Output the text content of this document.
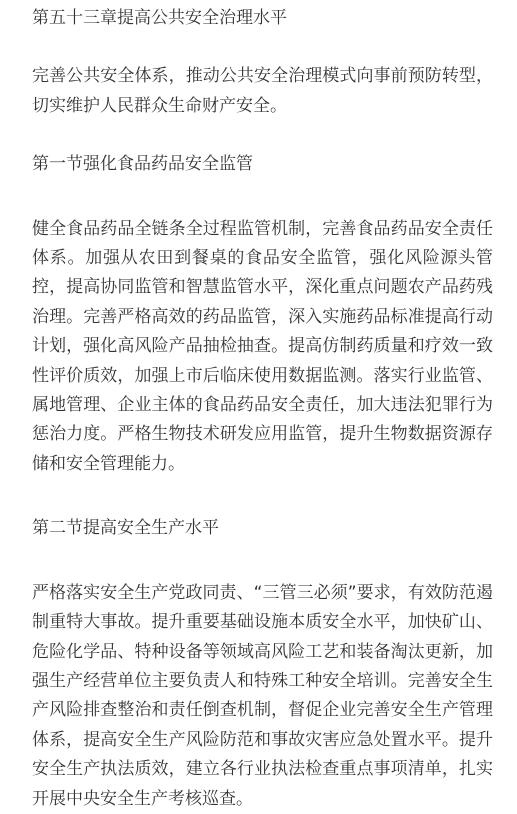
第五十三章提高公共安全治理水平

完善公共安全体系，推动公共安全治理模式向事前预防转型，切实维护人民群众生命财产安全。

第一节强化食品药品安全监管

健全食品药品全链条全过程监管机制，完善食品药品安全责任体系。加强从农田到餐桌的食品安全监管，强化风险源头管控，提高协同监管和智慧监管水平，深化重点问题农产品药残治理。完善严格高效的药品监管，深入实施药品标准提高行动计划，强化高风险产品抽检抽查。提高仿制药质量和疗效一致性评价质效，加强上市后临床使用数据监测。落实行业监管、属地管理、企业主体的食品药品安全责任，加大违法犯罪行为惩治力度。严格生物技术研发应用监管，提升生物数据资源存储和安全管理能力。

第二节提高安全生产水平

严格落实安全生产党政同责、“三管三必须”要求，有效防范遏制重特大事故。提升重要基础设施本质安全水平，加快矿山、危险化学品、特种设备等领域高风险工艺和装备淘汰更新，加强生产经营单位主要负责人和特殊工种安全培训。完善安全生产风险排查整治和责任倒查机制，督促企业完善安全生产管理体系，提高安全生产风险防范和事故灾害应急处置水平。提升安全生产执法质效，建立各行业执法检查重点事项清单，扎实开展中央安全生产考核巡查。
